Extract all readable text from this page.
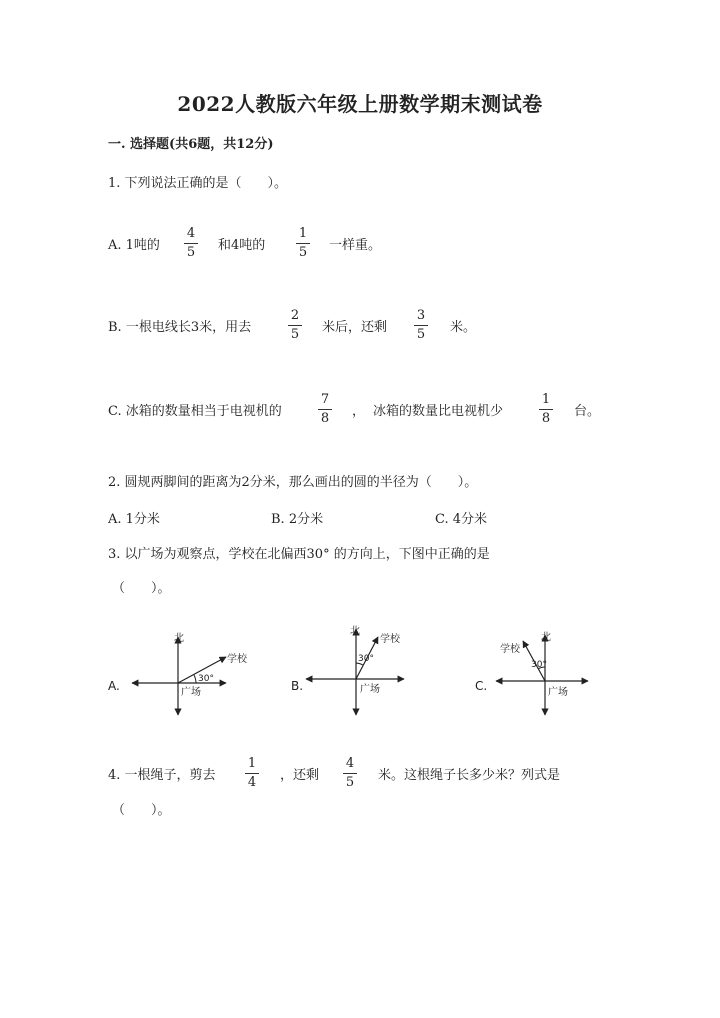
2022人教版六年级上册数学期末测试卷
一. 选择题(共6题，共12分)
1. 下列说法正确的是（　　）。
A. 1吨的
4
5	和4吨的
1
5	一样重。
B. 一根电线长3米，用去
2
5	米后，还剩
3
5	米。
C. 冰箱的数量相当于电视机的
7
8	， 冰箱的数量比电视机少
1
8	台。
2. 圆规两脚间的距离为2分米，那么画出的圆的半径为（　　）。
A. 1分米	B. 2分米	C. 4分米
3. 以广场为观察点，学校在北偏西30° 的方向上，下图中正确的是
（　　）。
A.
北
学校
30°
广场	B.
北
学校
30°
广场	C.
北
学校
30°
广场
4. 一根绳子，剪去
1
4	，还剩
4
5	米。这根绳子长多少米？列式是
（　　）。
